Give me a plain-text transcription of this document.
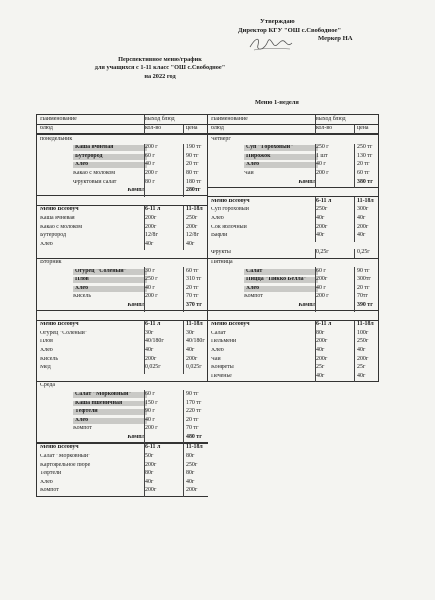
Утверждаю
Директор КГУ "ОШ с.Свободное"
Меркер НА
Перспективное меню/график
для учащихся с 1-11 класс "ОШ с.Свободное"
на 2022 год
Меню 1-неделя
Наименование	выход блюд
блюд	кол-во	цена
понедельник
Каша ячневая	200 г	190 тг
Бутерброд	60 г	90 тг
Хлеб	40 г	20 тг
Какао с молоком	200 г	80 тг
Фруктовый салат	80 г	180 тг
Компл	280тг
Меню Всеобуч	6-11 л	11-18л
Каша ячневая	200г	250г
Какао с молоком	200г	200г
Бутерброд	12/8г	12/8г
Хлеб	40г	40г
Вторник
Огурец "Соленый"	30 г	60 тг
Плов	250 г	310 тг
Хлеб	40 г	20 тг
Кисель	200 г	70 тг
Компл	370 тг
Меню Всеобуч	6-11 л	11-18л
Огурец "Соленый"	30г	30г
Плов	40/180г	40/180г
Хлеб	40г	40г
Кисель	200г	200г
Мед	0,025г	0,025г
Среда
Салат "Морковный"	60 г	90 тг
Каша пшеничная	150 г	170 тг
Тефтели	90 г	220 тг
Хлеб	40 г	20 тг
Компот	200 г	70 тг
Компл	480 тг
Меню Всеобуч	6-11 л	11-18л
Салат "Морковный"	50г	80г
Картофельное пюре	200г	250г
Тефтели	80г	80г
Хлеб	40г	40г
Компот	200г	200г
Наименование	выход блюд
блюд	кол-во	цена
Четверг
Суп "Гороховый"	250 г	250 тг
Пирожок	1 шт	130 тг
Хлеб	40 г	20 тг
Чай	200 г	60 тг
Компл	380 тг
Меню Всеобуч	6-11 л	11-18л
Суп гороховый	250г	300г
Хлеб	40г	40г
Сок яблочный	200г	200г
Вафли	40г	40г
Фрукты	0,25г	0,25г
Пятница
Салат	60 г	90 тг
Пицца "Пикко Белла"	200г	300тг
Хлеб	40 г	20 тг
Компот	200 г	70тг
Компл	390 тг
Меню Всеобуч	6-11 л	11-18л
Салат	80г	100г
Пельмени	200г	250г
Хлеб	40г	40г
Чай	200г	200г
Конфеты	25г	25г
Печенье	40г	40г
